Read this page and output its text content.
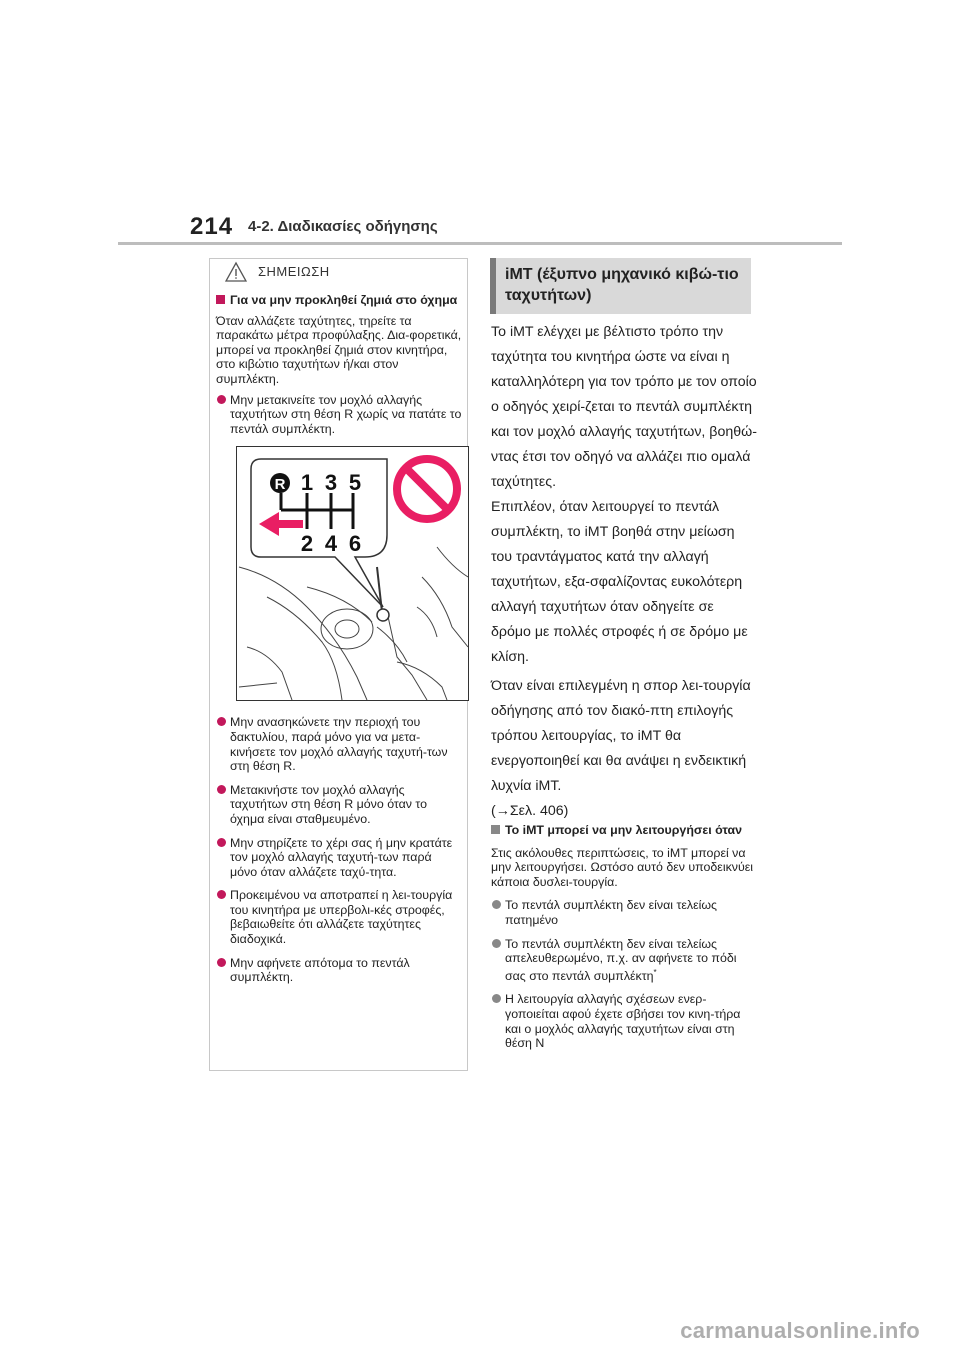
214 4-2. Διαδικασίες οδήγησης
ΣΗΜΕΙΩΣΗ
Για να μην προκληθεί ζημιά στο όχημα
Όταν αλλάζετε ταχύτητες, τηρείτε τα παρακάτω μέτρα προφύλαξης. Δια-φορετικά, μπορεί να προκληθεί ζημιά στον κινητήρα, στο κιβώτιο ταχυτήτων ή/και στον συμπλέκτη.
Μην μετακινείτε τον μοχλό αλλαγής ταχυτήτων στη θέση R χωρίς να πατάτε το πεντάλ συμπλέκτη.
R 1 3 5
2 4 6
Μην ανασηκώνετε την περιοχή του δακτυλίου, παρά μόνο για να μετα-κινήσετε τον μοχλό αλλαγής ταχυτή-των στη θέση R.
Μετακινήστε τον μοχλό αλλαγής ταχυτήτων στη θέση R μόνο όταν το όχημα είναι σταθμευμένο.
Μην στηρίζετε το χέρι σας ή μην κρατάτε τον μοχλό αλλαγής ταχυτή-των παρά μόνο όταν αλλάζετε ταχύ-τητα.
Προκειμένου να αποτραπεί η λει-τουργία του κινητήρα με υπερβολι-κές στροφές, βεβαιωθείτε ότι αλλάζετε ταχύτητες διαδοχικά.
Μην αφήνετε απότομα το πεντάλ συμπλέκτη.
iMT (έξυπνο μηχανικό κιβώ-τιο ταχυτήτων)
Το iMT ελέγχει με βέλτιστο τρόπο την ταχύτητα του κινητήρα ώστε να είναι η καταλληλότερη για τον τρόπο με τον οποίο ο οδηγός χειρί-ζεται το πεντάλ συμπλέκτη και τον μοχλό αλλαγής ταχυτήτων, βοηθώ-ντας έτσι τον οδηγό να αλλάζει πιο ομαλά ταχύτητες.
Επιπλέον, όταν λειτουργεί το πεντάλ συμπλέκτη, το iMT βοηθά στην μείωση του τραντάγματος κατά την αλλαγή ταχυτήτων, εξα-σφαλίζοντας ευκολότερη αλλαγή ταχυτήτων όταν οδηγείτε σε δρόμο με πολλές στροφές ή σε δρόμο με κλίση.
Όταν είναι επιλεγμένη η σπορ λει-τουργία οδήγησης από τον διακό-πτη επιλογής τρόπου λειτουργίας, το iMT θα ενεργοποιηθεί και θα ανάψει η ενδεικτική λυχνία iMT.
(→Σελ. 406)
Το iMT μπορεί να μην λειτουργήσει όταν
Στις ακόλουθες περιπτώσεις, το iMT μπορεί να μην λειτουργήσει. Ωστόσο αυτό δεν υποδεικνύει κάποια δυσλει-τουργία.
Το πεντάλ συμπλέκτη δεν είναι τελείως πατημένο
Το πεντάλ συμπλέκτη δεν είναι τελείως απελευθερωμένο, π.χ. αν αφήνετε το πόδι σας στο πεντάλ συμπλέκτη*
Η λειτουργία αλλαγής σχέσεων ενερ-γοποιείται αφού έχετε σβήσει τον κινη-τήρα και ο μοχλός αλλαγής ταχυτήτων είναι στη θέση N
carmanualsonline.info
